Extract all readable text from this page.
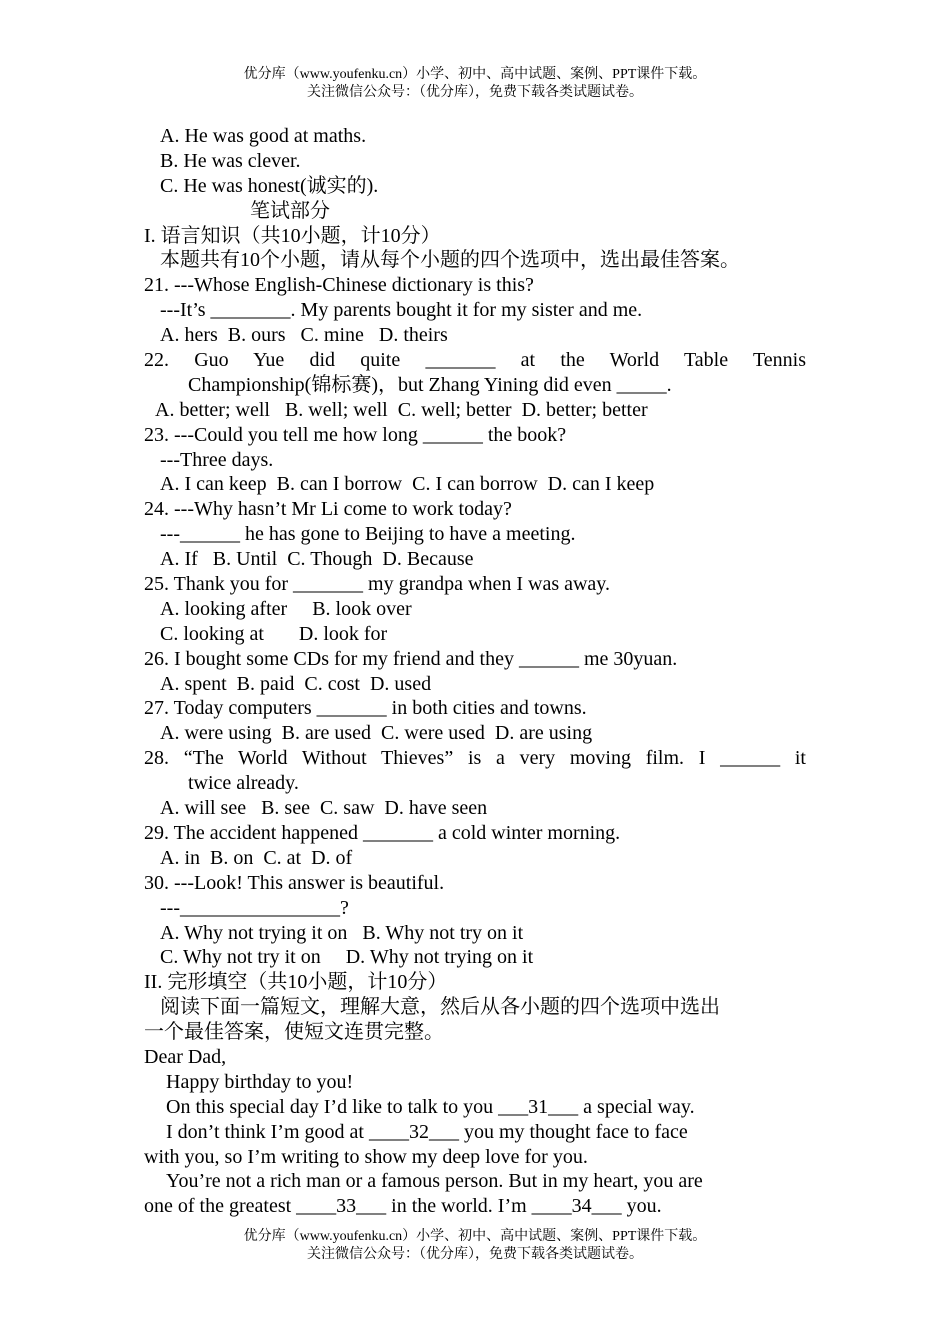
优分库（www.youfenku.cn）小学、初中、高中试题、案例、PPT课件下载。
关注微信公众号：（优分库），免费下载各类试题试卷。
A. He was good at maths.
B. He was clever.
C. He was honest(诚实的).
笔试部分
I. 语言知识（共10小题，计10分）
本题共有10个小题，请从每个小题的四个选项中，选出最佳答案。
21. ---Whose English-Chinese dictionary is this?
---It’s ________. My parents bought it for my sister and me.
A. hers  B. ours   C. mine   D. theirs
22. Guo Yue did quite _______ at the World Table Tennis
Championship(锦标赛)，but Zhang Yining did even _____.
A. better; well   B. well; well  C. well; better  D. better; better
23. ---Could you tell me how long ______ the book?
---Three days.
A. I can keep  B. can I borrow  C. I can borrow  D. can I keep
24. ---Why hasn’t Mr Li come to work today?
---______ he has gone to Beijing to have a meeting.
A. If   B. Until  C. Though  D. Because
25. Thank you for _______ my grandpa when I was away.
A. looking after     B. look over
C. looking at       D. look for
26. I bought some CDs for my friend and they ______ me 30yuan.
A. spent  B. paid  C. cost  D. used
27. Today computers _______ in both cities and towns.
A. were using  B. are used  C. were used  D. are using
28. “The World Without Thieves” is a very moving film. I ______ it
twice already.
A. will see   B. see  C. saw  D. have seen
29. The accident happened _______ a cold winter morning.
A. in  B. on  C. at  D. of
30. ---Look! This answer is beautiful.
---________________?
A. Why not trying it on   B. Why not try on it
C. Why not try it on     D. Why not trying on it
II. 完形填空（共10小题，计10分）
阅读下面一篇短文，理解大意，然后从各小题的四个选项中选出
一个最佳答案，使短文连贯完整。
Dear Dad,
Happy birthday to you!
On this special day I’d like to talk to you ___31___ a special way.
I don’t think I’m good at ____32___ you my thought face to face
with you, so I’m writing to show my deep love for you.
You’re not a rich man or a famous person. But in my heart, you are
one of the greatest ____33___ in the world. I’m ____34___ you.
优分库（www.youfenku.cn）小学、初中、高中试题、案例、PPT课件下载。
关注微信公众号：（优分库），免费下载各类试题试卷。
